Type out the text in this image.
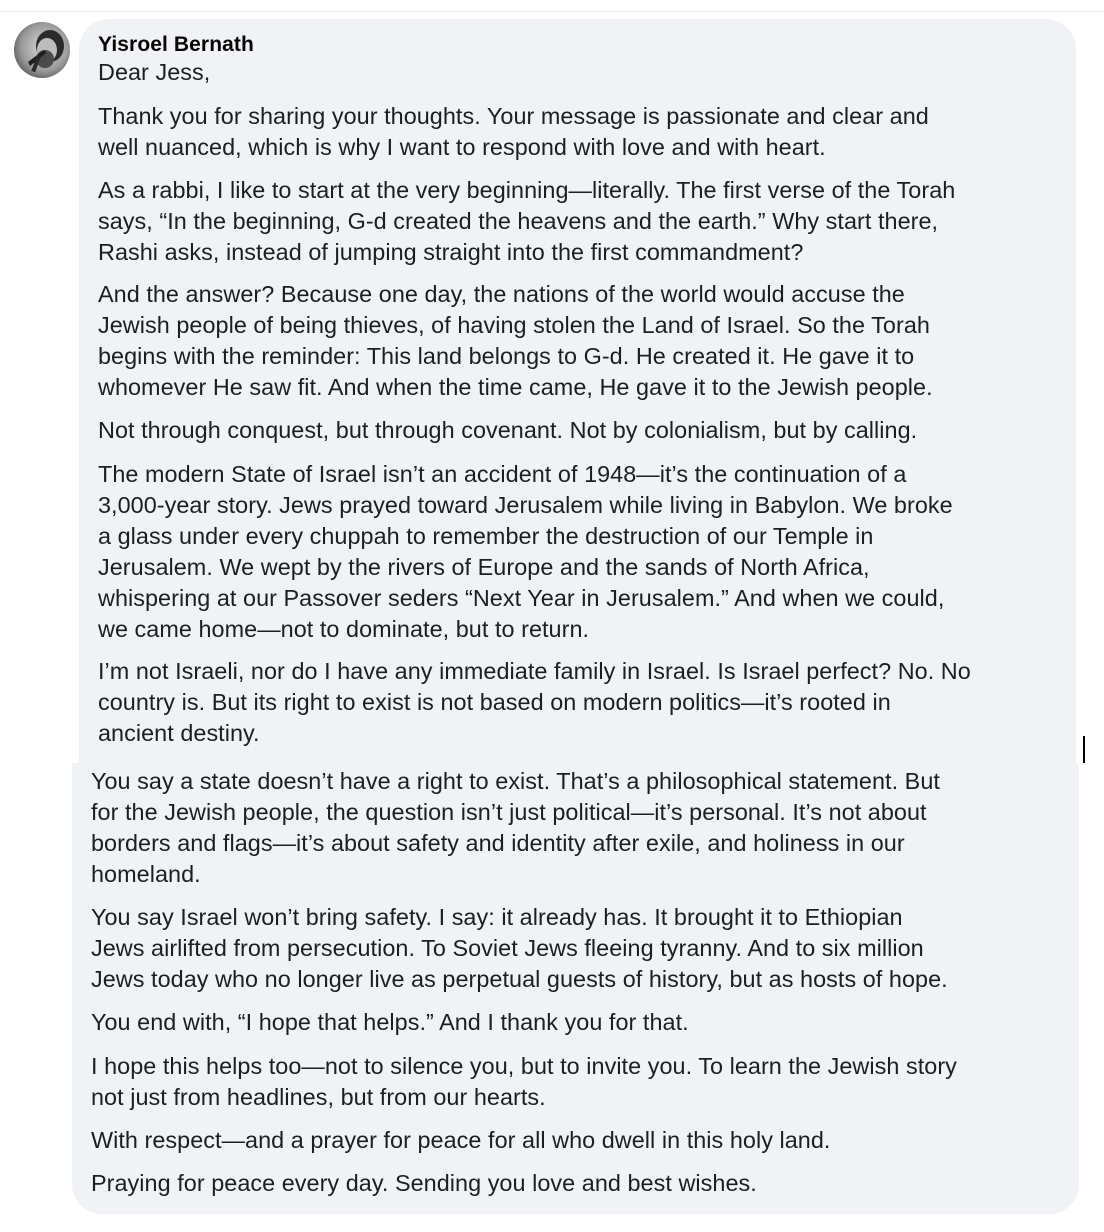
Yisroel Bernath

Dear Jess,

Thank you for sharing your thoughts. Your message is passionate and clear and
well nuanced, which is why I want to respond with love and with heart.

As a rabbi, I like to start at the very beginning—literally. The first verse of the Torah
says, “In the beginning, G-d created the heavens and the earth.” Why start there,
Rashi asks, instead of jumping straight into the first commandment?

And the answer? Because one day, the nations of the world would accuse the
Jewish people of being thieves, of having stolen the Land of Israel. So the Torah
begins with the reminder: This land belongs to G-d. He created it. He gave it to
whomever He saw fit. And when the time came, He gave it to the Jewish people.

Not through conquest, but through covenant. Not by colonialism, but by calling.

The modern State of Israel isn’t an accident of 1948—it’s the continuation of a
3,000-year story. Jews prayed toward Jerusalem while living in Babylon. We broke
a glass under every chuppah to remember the destruction of our Temple in
Jerusalem. We wept by the rivers of Europe and the sands of North Africa,
whispering at our Passover seders “Next Year in Jerusalem.” And when we could,
we came home—not to dominate, but to return.

I’m not Israeli, nor do I have any immediate family in Israel. Is Israel perfect? No. No
country is. But its right to exist is not based on modern politics—it’s rooted in
ancient destiny.

You say a state doesn’t have a right to exist. That’s a philosophical statement. But
for the Jewish people, the question isn’t just political—it’s personal. It’s not about
borders and flags—it’s about safety and identity after exile, and holiness in our
homeland.

You say Israel won’t bring safety. I say: it already has. It brought it to Ethiopian
Jews airlifted from persecution. To Soviet Jews fleeing tyranny. And to six million
Jews today who no longer live as perpetual guests of history, but as hosts of hope.

You end with, “I hope that helps.” And I thank you for that.

I hope this helps too—not to silence you, but to invite you. To learn the Jewish story
not just from headlines, but from our hearts.

With respect—and a prayer for peace for all who dwell in this holy land.

Praying for peace every day. Sending you love and best wishes.
